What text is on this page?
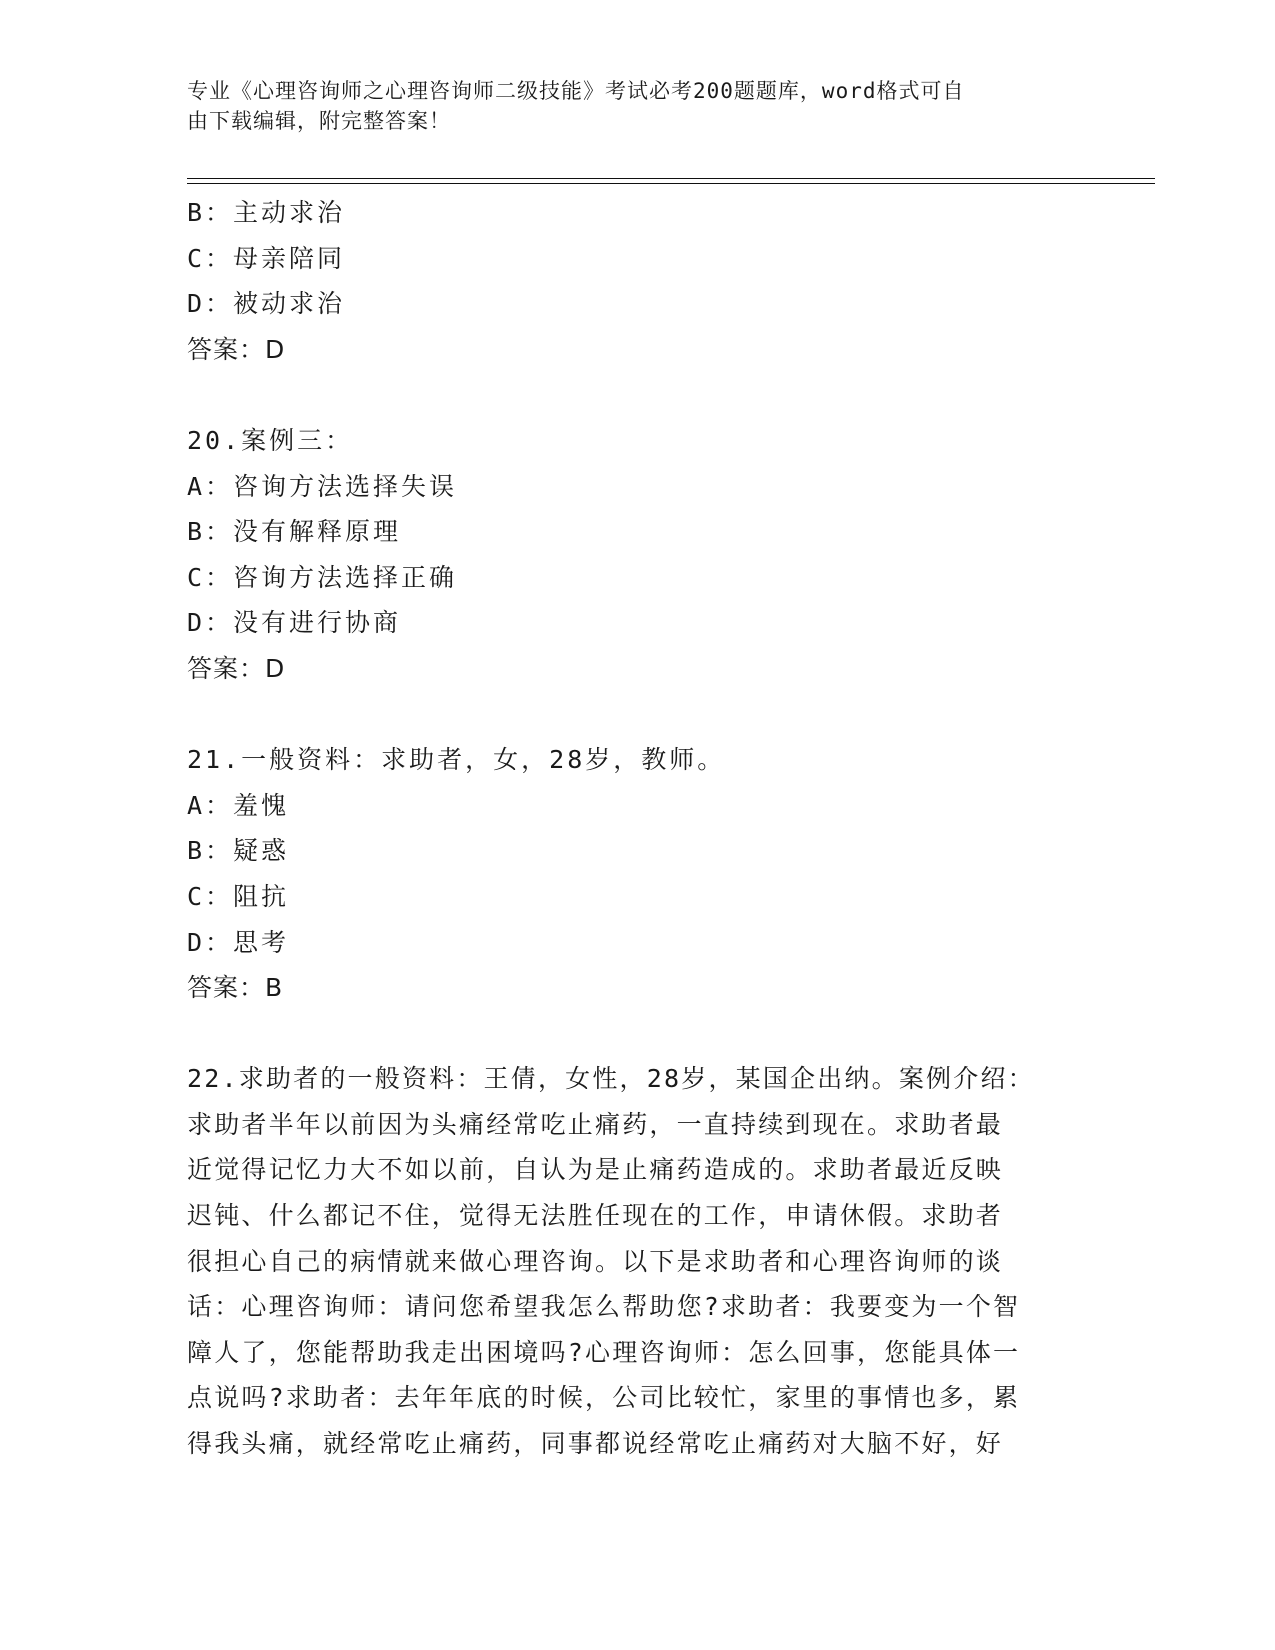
专业《心理咨询师之心理咨询师二级技能》考试必考200题题库，word格式可自
由下载编辑，附完整答案！
B：主动求治
C：母亲陪同
D：被动求治
答案：D
20.案例三：
A：咨询方法选择失误
B：没有解释原理
C：咨询方法选择正确
D：没有进行协商
答案：D
21.一般资料：求助者，女，28岁，教师。
A：羞愧
B：疑惑
C：阻抗
D：思考
答案：B
22.求助者的一般资料：王倩，女性，28岁，某国企出纳。案例介绍：
求助者半年以前因为头痛经常吃止痛药，一直持续到现在。求助者最
近觉得记忆力大不如以前，自认为是止痛药造成的。求助者最近反映
迟钝、什么都记不住，觉得无法胜任现在的工作，申请休假。求助者
很担心自己的病情就来做心理咨询。以下是求助者和心理咨询师的谈
话：心理咨询师：请问您希望我怎么帮助您?求助者：我要变为一个智
障人了，您能帮助我走出困境吗?心理咨询师：怎么回事，您能具体一
点说吗?求助者：去年年底的时候，公司比较忙，家里的事情也多，累
得我头痛，就经常吃止痛药，同事都说经常吃止痛药对大脑不好，好
